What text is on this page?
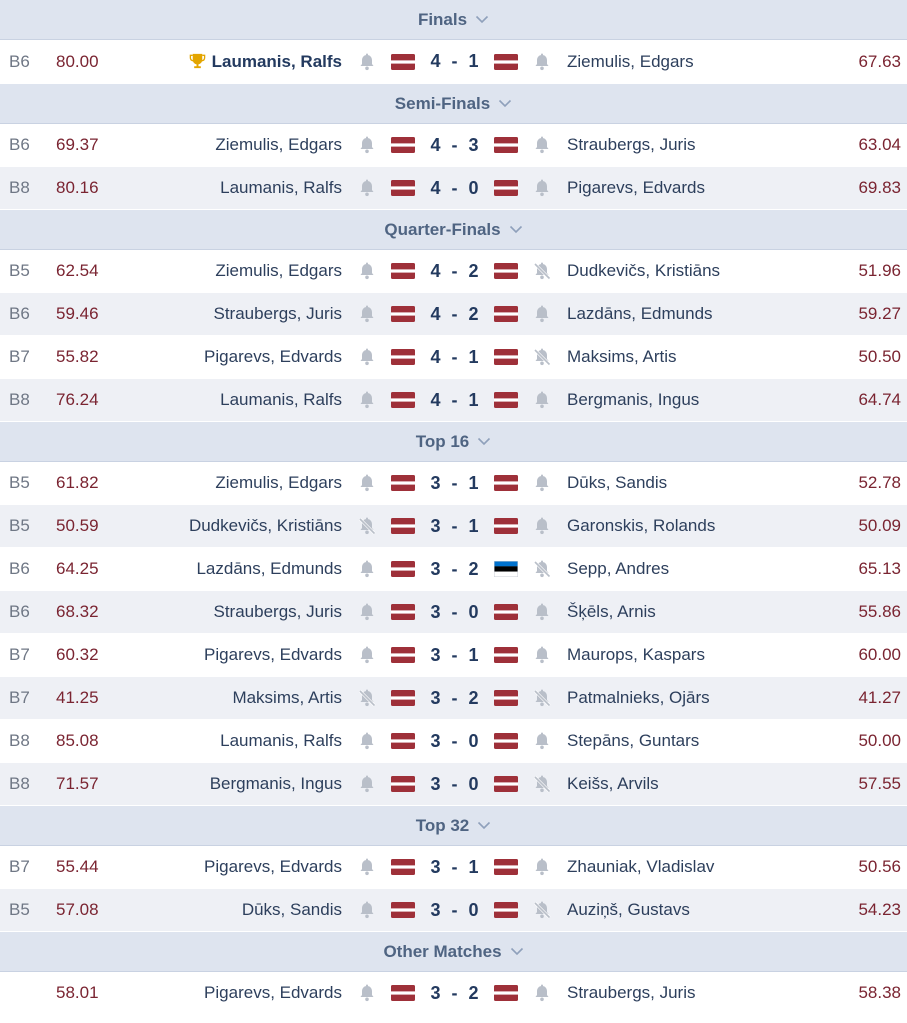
Finals
B6 80.00	Laumanis, Ralfs	4 - 1	Ziemulis, Edgars	67.63
Semi-Finals
B6 69.37	Ziemulis, Edgars	4 - 3	Straubergs, Juris	63.04
B8 80.16	Laumanis, Ralfs	4 - 0	Pigarevs, Edvards	69.83
Quarter-Finals
B5 62.54	Ziemulis, Edgars	4 - 2	Dudkevičs, Kristiāns	51.96
B6 59.46	Straubergs, Juris	4 - 2	Lazdāns, Edmunds	59.27
B7 55.82	Pigarevs, Edvards	4 - 1	Maksims, Artis	50.50
B8 76.24	Laumanis, Ralfs	4 - 1	Bergmanis, Ingus	64.74
Top 16
B5 61.82	Ziemulis, Edgars	3 - 1	Dūks, Sandis	52.78
B5 50.59	Dudkevičs, Kristiāns	3 - 1	Garonskis, Rolands	50.09
B6 64.25	Lazdāns, Edmunds	3 - 2	Sepp, Andres	65.13
B6 68.32	Straubergs, Juris	3 - 0	Šķēls, Arnis	55.86
B7 60.32	Pigarevs, Edvards	3 - 1	Maurops, Kaspars	60.00
B7 41.25	Maksims, Artis	3 - 2	Patmalnieks, Ojārs	41.27
B8 85.08	Laumanis, Ralfs	3 - 0	Stepāns, Guntars	50.00
B8 71.57	Bergmanis, Ingus	3 - 0	Keišs, Arvils	57.55
Top 32
B7 55.44	Pigarevs, Edvards	3 - 1	Zhauniak, Vladislav	50.56
B5 57.08	Dūks, Sandis	3 - 0	Auziņš, Gustavs	54.23
Other Matches
58.01	Pigarevs, Edvards	3 - 2	Straubergs, Juris	58.38
